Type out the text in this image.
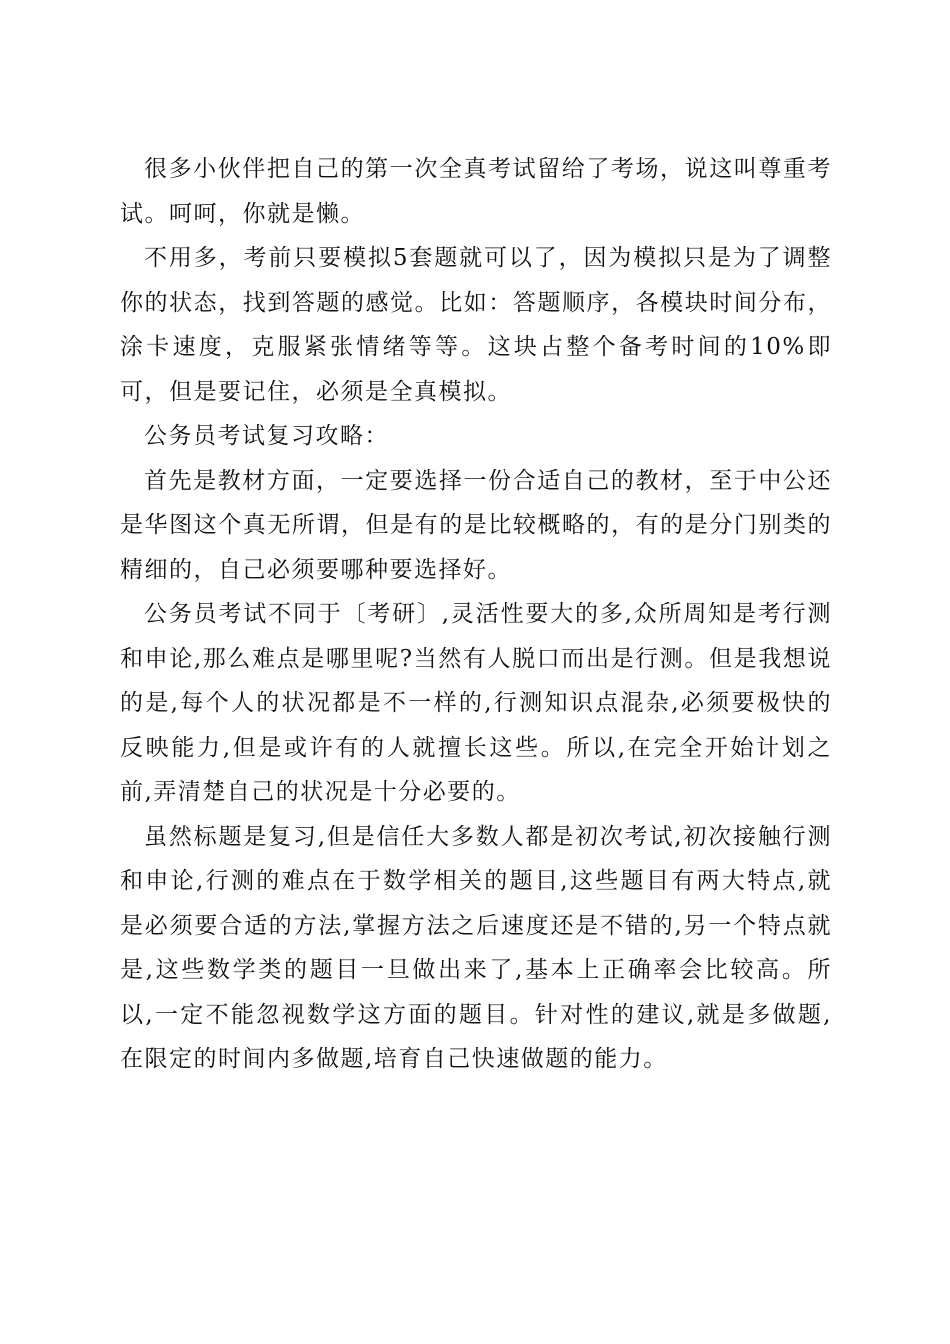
很多小伙伴把自己的第一次全真考试留给了考场，说这叫尊重考试。呵呵，你就是懒。

不用多，考前只要模拟5套题就可以了，因为模拟只是为了调整你的状态，找到答题的感觉。比如：答题顺序，各模块时间分布，涂卡速度，克服紧张情绪等等。这块占整个备考时间的10%即可，但是要记住，必须是全真模拟。

公务员考试复习攻略：

首先是教材方面，一定要选择一份合适自己的教材，至于中公还是华图这个真无所谓，但是有的是比较概略的，有的是分门别类的精细的，自己必须要哪种要选择好。

公务员考试不同于〔考研〕,灵活性要大的多,众所周知是考行测和申论,那么难点是哪里呢?当然有人脱口而出是行测。但是我想说的是,每个人的状况都是不一样的,行测知识点混杂,必须要极快的反映能力,但是或许有的人就擅长这些。所以,在完全开始计划之前,弄清楚自己的状况是十分必要的。

虽然标题是复习,但是信任大多数人都是初次考试,初次接触行测和申论,行测的难点在于数学相关的题目,这些题目有两大特点,就是必须要合适的方法,掌握方法之后速度还是不错的,另一个特点就是,这些数学类的题目一旦做出来了,基本上正确率会比较高。所以,一定不能忽视数学这方面的题目。针对性的建议,就是多做题,在限定的时间内多做题,培育自己快速做题的能力。
